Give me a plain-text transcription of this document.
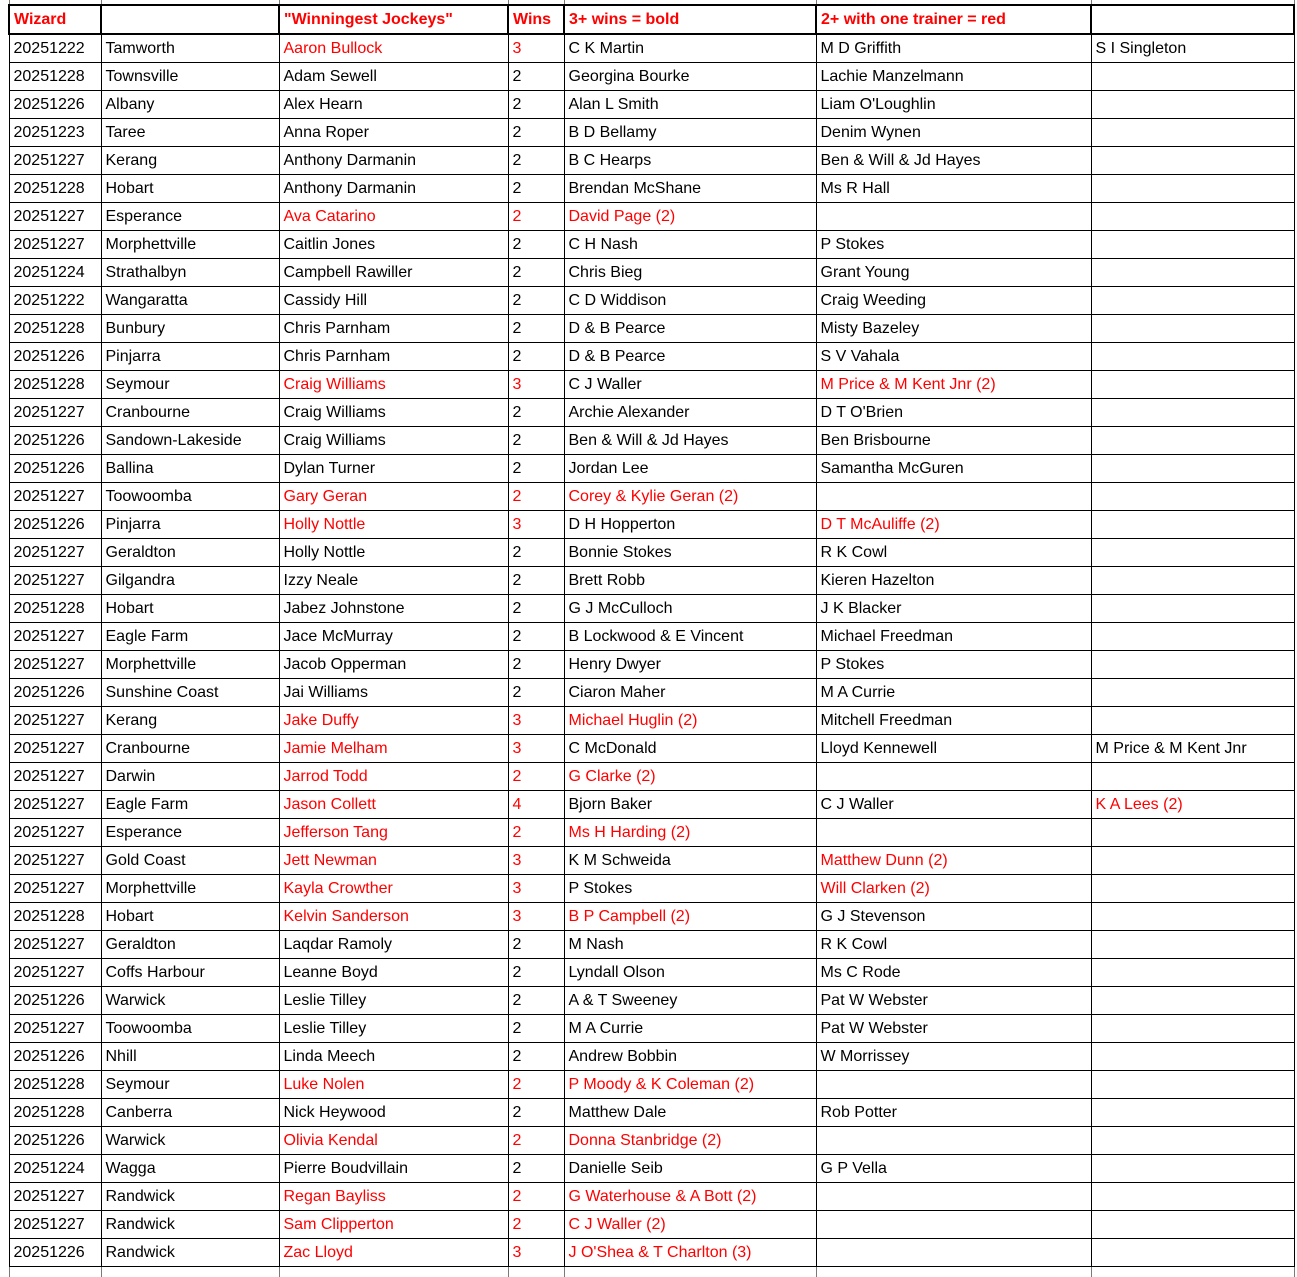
Wizard		"Winningest Jockeys"	Wins	3+ wins = bold	2+ with one trainer = red	
20251222	Tamworth	Aaron Bullock	3	C K Martin	M D Griffith	S I Singleton
20251228	Townsville	Adam Sewell	2	Georgina Bourke	Lachie Manzelmann	
20251226	Albany	Alex Hearn	2	Alan L Smith	Liam O'Loughlin	
20251223	Taree	Anna Roper	2	B D Bellamy	Denim Wynen	
20251227	Kerang	Anthony Darmanin	2	B C Hearps	Ben & Will & Jd Hayes	
20251228	Hobart	Anthony Darmanin	2	Brendan McShane	Ms R Hall	
20251227	Esperance	Ava Catarino	2	David Page (2)		
20251227	Morphettville	Caitlin Jones	2	C H Nash	P Stokes	
20251224	Strathalbyn	Campbell Rawiller	2	Chris Bieg	Grant Young	
20251222	Wangaratta	Cassidy Hill	2	C D Widdison	Craig Weeding	
20251228	Bunbury	Chris Parnham	2	D & B Pearce	Misty Bazeley	
20251226	Pinjarra	Chris Parnham	2	D & B Pearce	S V Vahala	
20251228	Seymour	Craig Williams	3	C J Waller	M Price & M Kent Jnr (2)	
20251227	Cranbourne	Craig Williams	2	Archie Alexander	D T O'Brien	
20251226	Sandown-Lakeside	Craig Williams	2	Ben & Will & Jd Hayes	Ben Brisbourne	
20251226	Ballina	Dylan Turner	2	Jordan Lee	Samantha McGuren	
20251227	Toowoomba	Gary Geran	2	Corey & Kylie Geran (2)		
20251226	Pinjarra	Holly Nottle	3	D H Hopperton	D T McAuliffe (2)	
20251227	Geraldton	Holly Nottle	2	Bonnie Stokes	R K Cowl	
20251227	Gilgandra	Izzy Neale	2	Brett Robb	Kieren Hazelton	
20251228	Hobart	Jabez Johnstone	2	G J McCulloch	J K Blacker	
20251227	Eagle Farm	Jace McMurray	2	B Lockwood & E Vincent	Michael Freedman	
20251227	Morphettville	Jacob Opperman	2	Henry Dwyer	P Stokes	
20251226	Sunshine Coast	Jai Williams	2	Ciaron Maher	M A Currie	
20251227	Kerang	Jake Duffy	3	Michael Huglin (2)	Mitchell Freedman	
20251227	Cranbourne	Jamie Melham	3	C McDonald	Lloyd Kennewell	M Price & M Kent Jnr
20251227	Darwin	Jarrod Todd	2	G Clarke (2)		
20251227	Eagle Farm	Jason Collett	4	Bjorn Baker	C J Waller	K A Lees (2)
20251227	Esperance	Jefferson Tang	2	Ms H Harding (2)		
20251227	Gold Coast	Jett Newman	3	K M Schweida	Matthew Dunn (2)	
20251227	Morphettville	Kayla Crowther	3	P Stokes	Will Clarken (2)	
20251228	Hobart	Kelvin Sanderson	3	B P Campbell (2)	G J Stevenson	
20251227	Geraldton	Laqdar Ramoly	2	M Nash	R K Cowl	
20251227	Coffs Harbour	Leanne Boyd	2	Lyndall Olson	Ms C Rode	
20251226	Warwick	Leslie Tilley	2	A & T Sweeney	Pat W Webster	
20251227	Toowoomba	Leslie Tilley	2	M A Currie	Pat W Webster	
20251226	Nhill	Linda Meech	2	Andrew Bobbin	W Morrissey	
20251228	Seymour	Luke Nolen	2	P Moody & K Coleman (2)		
20251228	Canberra	Nick Heywood	2	Matthew Dale	Rob Potter	
20251226	Warwick	Olivia Kendal	2	Donna Stanbridge (2)		
20251224	Wagga	Pierre Boudvillain	2	Danielle Seib	G P Vella	
20251227	Randwick	Regan Bayliss	2	G Waterhouse & A Bott (2)		
20251227	Randwick	Sam Clipperton	2	C J Waller (2)		
20251226	Randwick	Zac Lloyd	3	J O'Shea & T Charlton (3)		
